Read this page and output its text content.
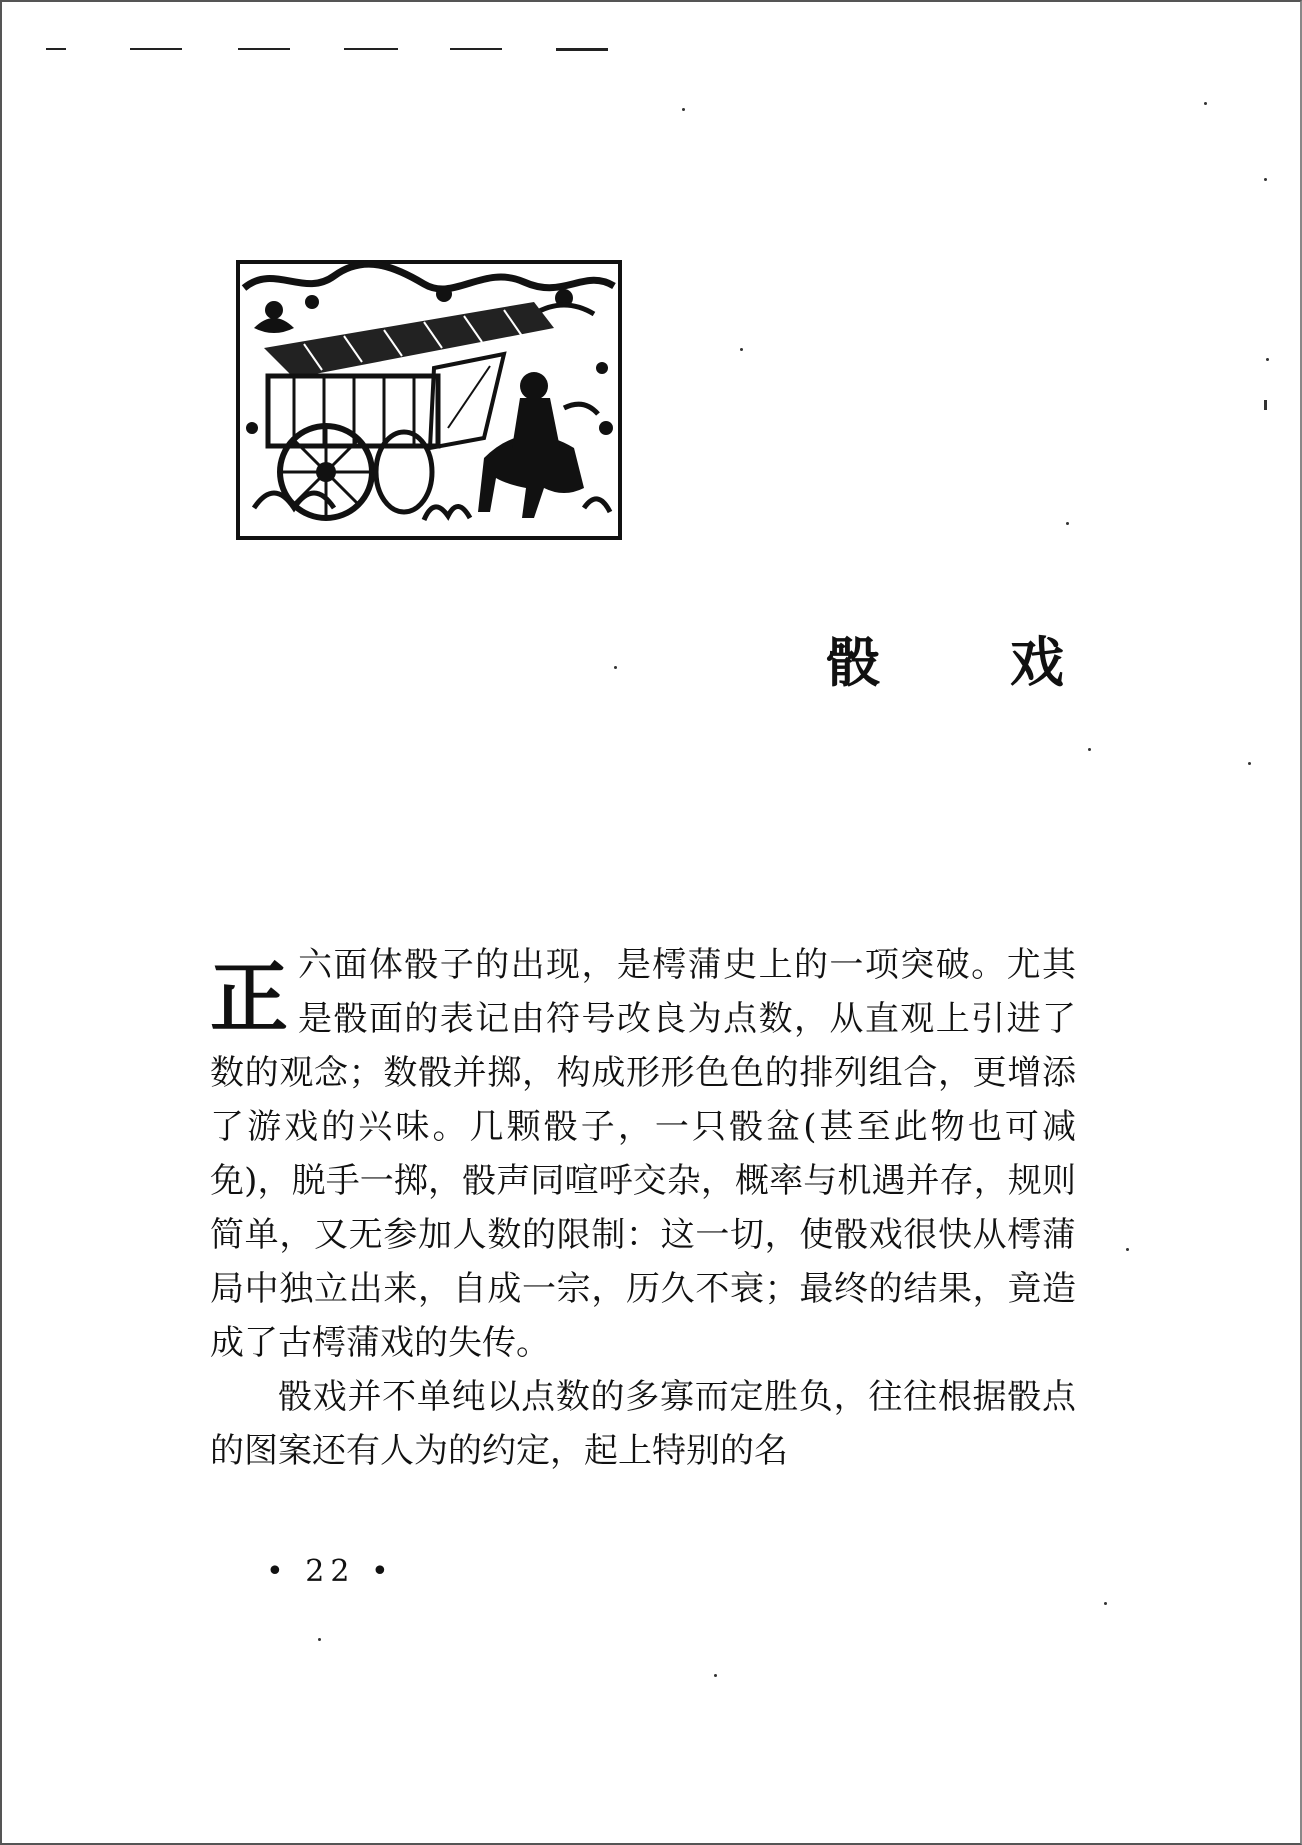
骰 戏

正六面体骰子的出现，是樗蒲史上的一项突破。尤其是骰面的表记由符号改良为点数，从直观上引进了数的观念；数骰并掷，构成形形色色的排列组合，更增添了游戏的兴味。几颗骰子，一只骰盆(甚至此物也可减免)，脱手一掷，骰声同喧呼交杂，概率与机遇并存，规则简单，又无参加人数的限制：这一切，使骰戏很快从樗蒲局中独立出来，自成一宗，历久不衰；最终的结果，竟造成了古樗蒲戏的失传。

骰戏并不单纯以点数的多寡而定胜负，往往根据骰点的图案还有人为的约定，起上特别的名

• 22 •
